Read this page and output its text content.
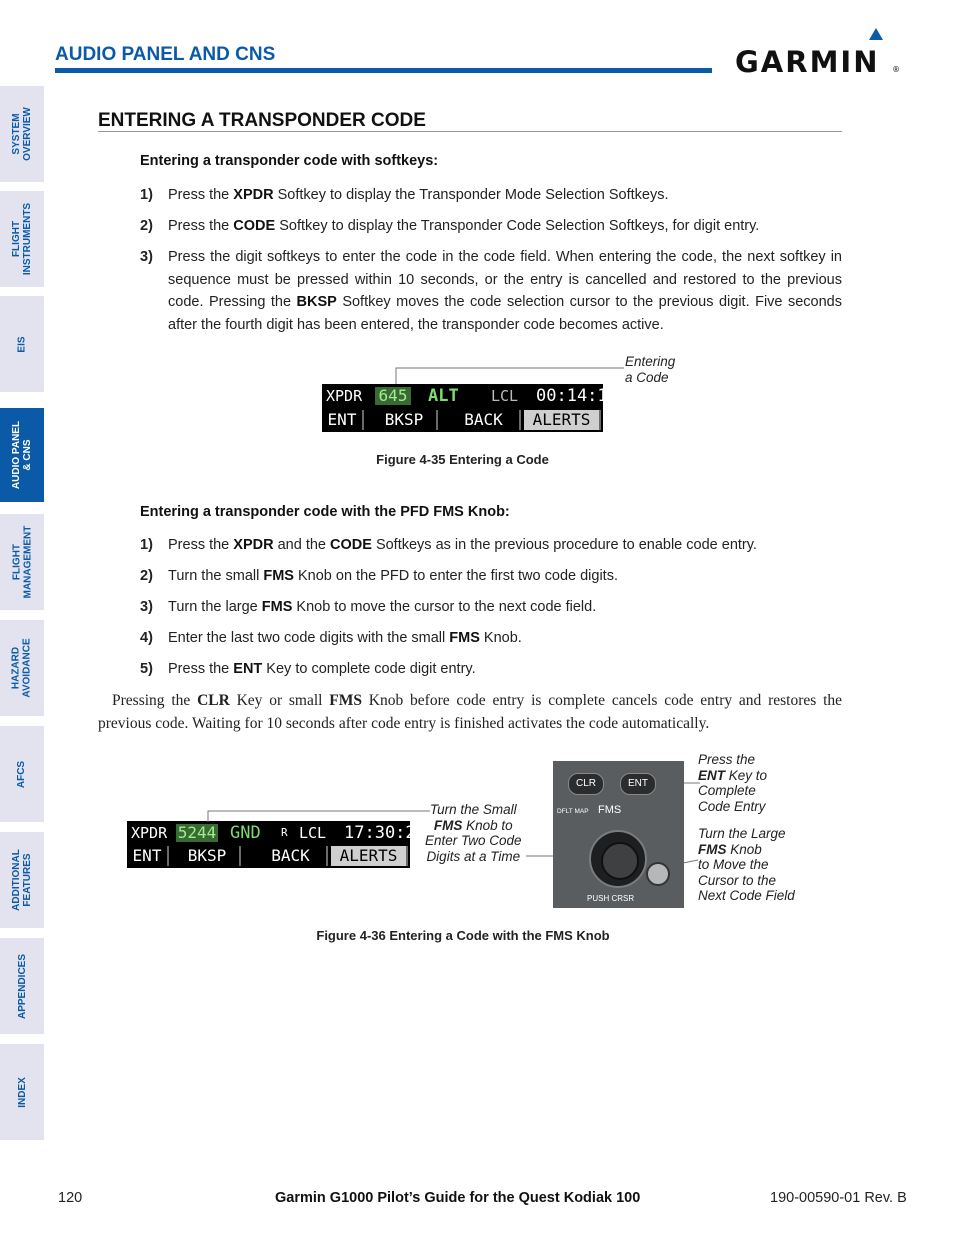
AUDIO PANEL AND CNS	GARMIN ®
SYSTEM
OVERVIEW
FLIGHT
INSTRUMENTS
EIS
AUDIO PANEL
& CNS
FLIGHT
MANAGEMENT
HAZARD
AVOIDANCE
AFCS
ADDITIONAL
FEATURES
APPENDICES
INDEX
ENTERING A TRANSPONDER CODE
Entering a transponder code with softkeys:
1) Press the XPDR Softkey to display the Transponder Mode Selection Softkeys.
2) Press the CODE Softkey to display the Transponder Code Selection Softkeys, for digit entry.
3) Press the digit softkeys to enter the code in the code field. When entering the code, the next softkey in sequence must be pressed within 10 seconds, or the entry is cancelled and restored to the previous code. Pressing the BKSP Softkey moves the code selection cursor to the previous digit. Five seconds after the fourth digit has been entered, the transponder code becomes active.
Entering
a Code
XPDR 645 ALT LCL 00:14:18
ENT	BKSP	BACK	ALERTS
Figure 4-35 Entering a Code
Entering a transponder code with the PFD FMS Knob:
1) Press the XPDR and the CODE Softkeys as in the previous procedure to enable code entry.
2) Turn the small FMS Knob on the PFD to enter the first two code digits.
3) Turn the large FMS Knob to move the cursor to the next code field.
4) Enter the last two code digits with the small FMS Knob.
5) Press the ENT Key to complete code digit entry.
Pressing the CLR Key or small FMS Knob before code entry is complete cancels code entry and restores the previous code. Waiting for 10 seconds after code entry is finished activates the code automatically.
XPDR 5244 GND R LCL 17:30:27
ENT	BKSP	BACK	ALERTS
Turn the Small
FMS Knob to
Enter Two Code
Digits at a Time
CLR	ENT
DFLT MAP FMS
PUSH CRSR
Press the
ENT Key to
Complete
Code Entry
Turn the Large
FMS Knob
to Move the
Cursor to the
Next Code Field
Figure 4-36 Entering a Code with the FMS Knob
120	Garmin G1000 Pilot’s Guide for the Quest Kodiak 100	190-00590-01 Rev. B
